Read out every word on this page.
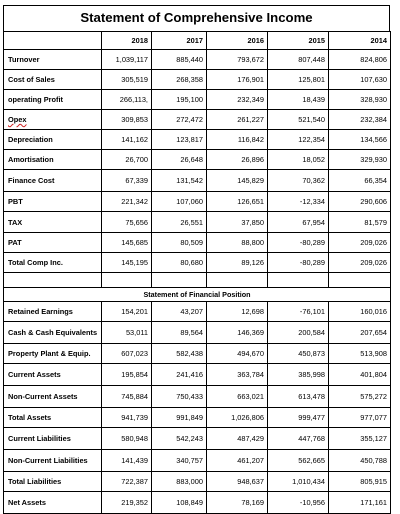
Statement of Comprehensive Income
	2018	2017	2016	2015	2014
Turnover	1,039,117	885,440	793,672	807,448	824,806
Cost of Sales	305,519	268,358	176,901	125,801	107,630
operating Profit	266,113,	195,100	232,349	18,439	328,930
Opex	309,853	272,472	261,227	521,540	232,384
Depreciation	141,162	123,817	116,842	122,354	134,566
Amortisation	26,700	26,648	26,896	18,052	329,930
Finance Cost	67,339	131,542	145,829	70,362	66,354
PBT	221,342	107,060	126,651	-12,334	290,606
TAX	75,656	26,551	37,850	67,954	81,579
PAT	145,685	80,509	88,800	-80,289	209,026
Total Comp Inc.	145,195	80,680	89,126	-80,289	209,026

Statement of Financial Position					
Retained Earnings	154,201	43,207	12,698	-76,101	160,016
Cash & Cash Equivalents	53,011	89,564	146,369	200,584	207,654
Property Plant & Equip.	607,023	582,438	494,670	450,873	513,908
Current Assets	195,854	241,416	363,784	385,998	401,804
Non-Current Assets	745,884	750,433	663,021	613,478	575,272
Total Assets	941,739	991,849	1,026,806	999,477	977,077
Current Liabilities	580,948	542,243	487,429	447,768	355,127
Non-Current Liabilities	141,439	340,757	461,207	562,665	450,788
Total Liabilities	722,387	883,000	948,637	1,010,434	805,915
Net Assets	219,352	108,849	78,169	-10,956	171,161
